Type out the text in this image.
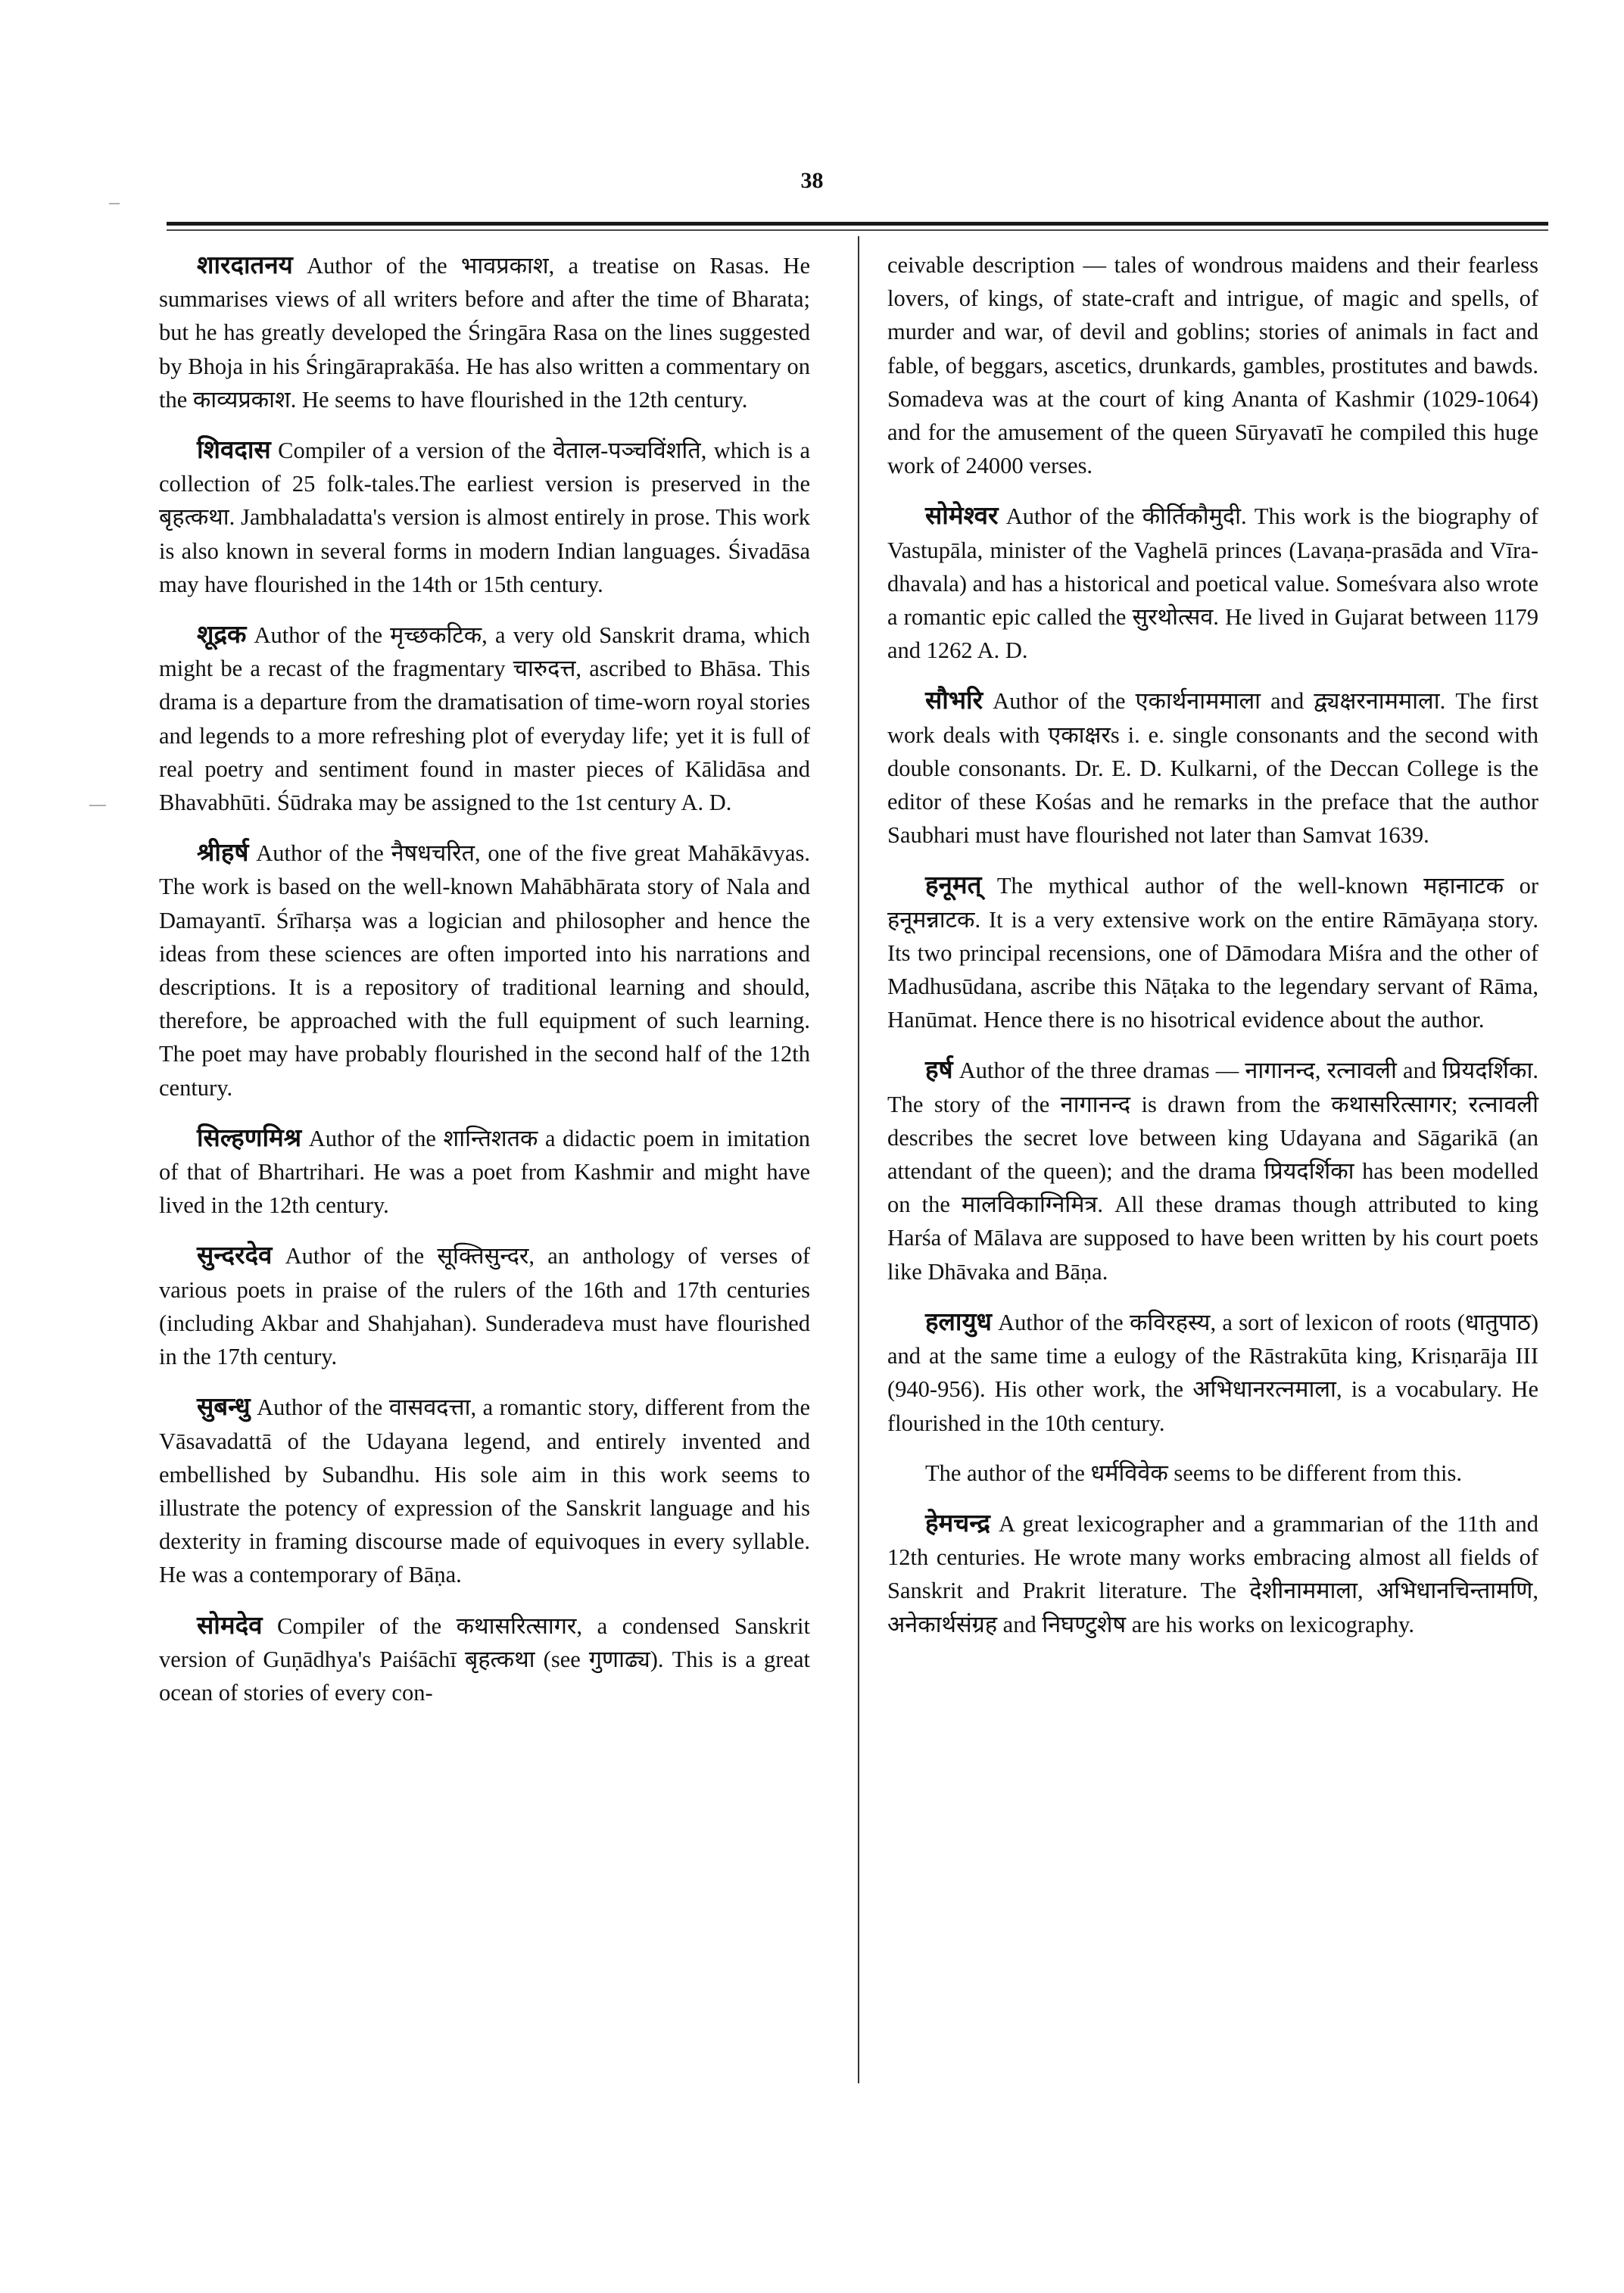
38

शारदातनय Author of the भावप्रकाश, a treatise on Rasas. He summarises views of all writers before and after the time of Bharata; but he has greatly developed the Śringāra Rasa on the lines suggested by Bhoja in his Śringāraprakāśa. He has also written a commentary on the काव्यप्रकाश. He seems to have flourished in the 12th century.

शिवदास Compiler of a version of the वेताल-पञ्चविंशति, which is a collection of 25 folk-tales.The earliest version is preserved in the बृहत्कथा. Jambhaladatta's version is almost entirely in prose. This work is also known in several forms in modern Indian languages. Śivadāsa may have flourished in the 14th or 15th century.

शूद्रक Author of the मृच्छकटिक, a very old Sanskrit drama, which might be a recast of the fragmentary चारुदत्त, ascribed to Bhāsa. This drama is a departure from the dramatisation of time-worn royal stories and legends to a more refreshing plot of everyday life; yet it is full of real poetry and sentiment found in master pieces of Kālidāsa and Bhavabhūti. Śūdraka may be assigned to the 1st century A. D.

श्रीहर्ष Author of the नैषधचरित, one of the five great Mahākāvyas. The work is based on the well-known Mahābhārata story of Nala and Damayantī. Śrīharṣa was a logician and philosopher and hence the ideas from these sciences are often imported into his narrations and descriptions. It is a repository of traditional learning and should, therefore, be approached with the full equipment of such learning. The poet may have probably flourished in the second half of the 12th century.

सिल्हणमिश्र Author of the शान्तिशतक a didactic poem in imitation of that of Bhartrihari. He was a poet from Kashmir and might have lived in the 12th century.

सुन्दरदेव Author of the सूक्तिसुन्दर, an anthology of verses of various poets in praise of the rulers of the 16th and 17th centuries (including Akbar and Shahjahan). Sunderadeva must have flourished in the 17th century.

सुबन्धु Author of the वासवदत्ता, a romantic story, different from the Vāsavadattā of the Udayana legend, and entirely invented and embellished by Subandhu. His sole aim in this work seems to illustrate the potency of expression of the Sanskrit language and his dexterity in framing discourse made of equivoques in every syllable. He was a contemporary of Bāṇa.

सोमदेव Compiler of the कथासरित्सागर, a condensed Sanskrit version of Guṇādhya's Paiśāchī बृहत्कथा (see गुणाढ्य). This is a great ocean of stories of every con-

ceivable description — tales of wondrous maidens and their fearless lovers, of kings, of state-craft and intrigue, of magic and spells, of murder and war, of devil and goblins; stories of animals in fact and fable, of beggars, ascetics, drunkards, gambles, prostitutes and bawds. Somadeva was at the court of king Ananta of Kashmir (1029-1064) and for the amusement of the queen Sūryavatī he compiled this huge work of 24000 verses.

सोमेश्वर Author of the कीर्तिकौमुदी. This work is the biography of Vastupāla, minister of the Vaghelā princes (Lavaṇa-prasāda and Vīra-dhavala) and has a historical and poetical value. Someśvara also wrote a romantic epic called the सुरथोत्सव. He lived in Gujarat between 1179 and 1262 A. D.

सौभरि Author of the एकार्थनाममाला and द्व्यक्षरनाममाला. The first work deals with एकाक्षरs i. e. single consonants and the second with double consonants. Dr. E. D. Kulkarni, of the Deccan College is the editor of these Kośas and he remarks in the preface that the author Saubhari must have flourished not later than Samvat 1639.

हनूमत् The mythical author of the well-known महानाटक or हनूमन्नाटक. It is a very extensive work on the entire Rāmāyaṇa story. Its two principal recensions, one of Dāmodara Miśra and the other of Madhusūdana, ascribe this Nāṭaka to the legendary servant of Rāma, Hanūmat. Hence there is no hisotrical evidence about the author.

हर्ष Author of the three dramas — नागानन्द, रत्नावली and प्रियदर्शिका. The story of the नागानन्द is drawn from the कथासरित्सागर; रत्नावली describes the secret love between king Udayana and Sāgarikā (an attendant of the queen); and the drama प्रियदर्शिका has been modelled on the मालविकाग्निमित्र. All these dramas though attributed to king Harśa of Mālava are supposed to have been written by his court poets like Dhāvaka and Bāṇa.

हलायुध Author of the कविरहस्य, a sort of lexicon of roots (धातुपाठ) and at the same time a eulogy of the Rāstrakūta king, Krisṇarāja III (940-956). His other work, the अभिधानरत्नमाला, is a vocabulary. He flourished in the 10th century.

The author of the धर्मविवेक seems to be different from this.

हेमचन्द्र A great lexicographer and a grammarian of the 11th and 12th centuries. He wrote many works embracing almost all fields of Sanskrit and Prakrit literature. The देशीनाममाला, अभिधानचिन्तामणि, अनेकार्थसंग्रह and निघण्टुशेष are his works on lexicography.
